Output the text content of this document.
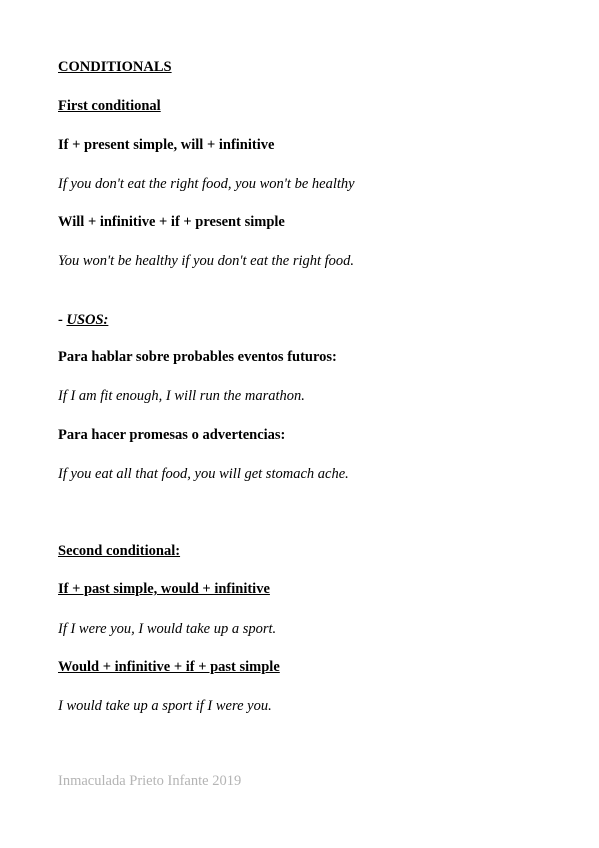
CONDITIONALS
First conditional
If + present simple, will + infinitive
If you don't eat the right food, you won't be healthy
Will + infinitive + if + present simple
You won't be healthy if you don't eat the right food.
- USOS:
Para hablar sobre probables eventos futuros:
If I am fit enough, I will run the marathon.
Para hacer promesas o advertencias:
If you eat all that food, you will get stomach ache.
Second conditional:
If + past simple, would + infinitive
If I were you, I would take up a sport.
Would + infinitive + if + past simple
I would take up a sport if I were you.
Inmaculada Prieto Infante 2019
